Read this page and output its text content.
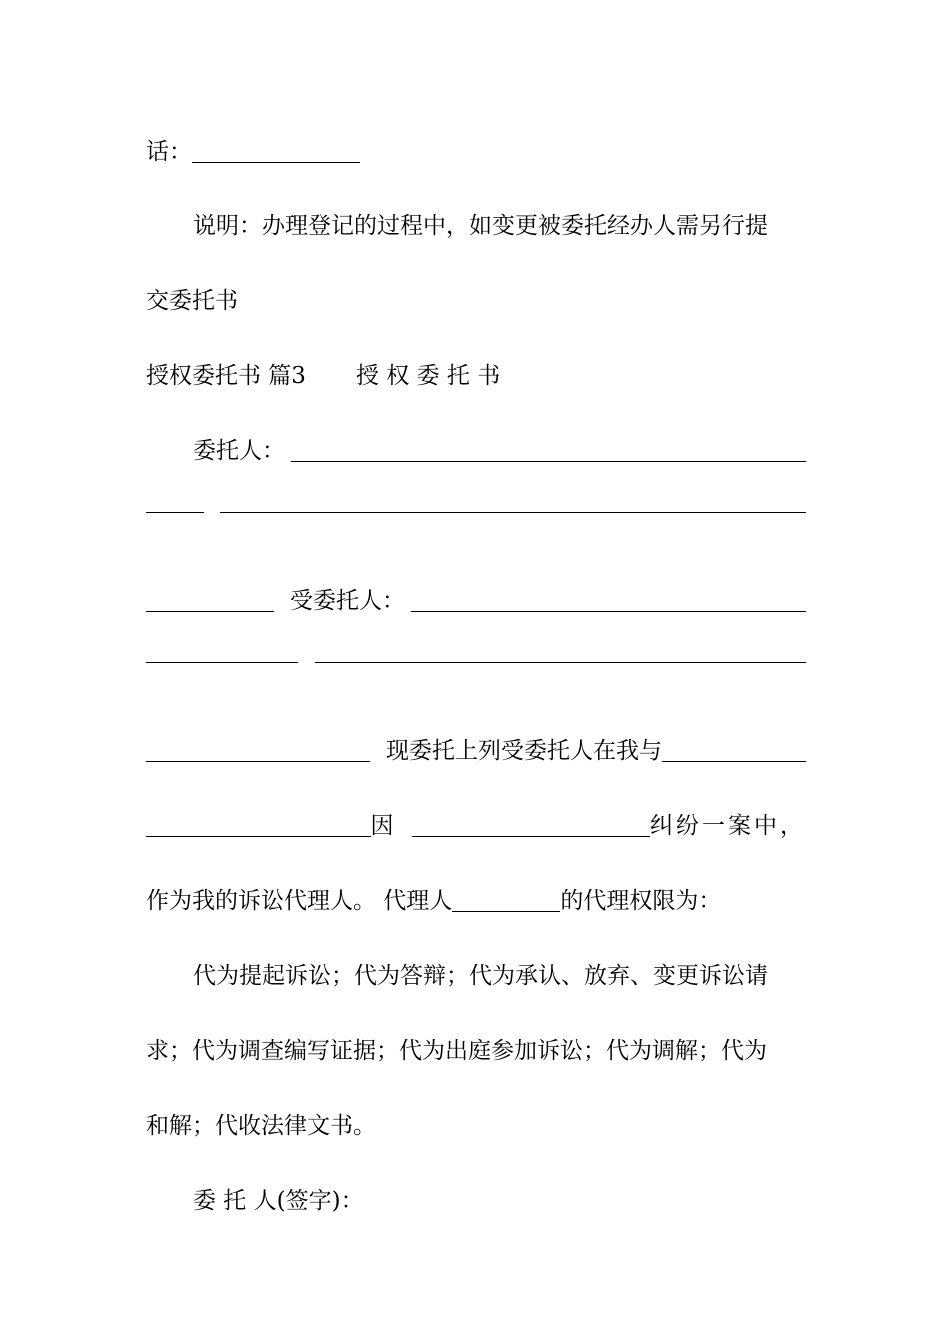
话：
说明：办理登记的过程中，如变更被委托经办人需另行提
交委托书
授权委托书 篇3 授 权 委 托 书
委托人：
受委托人：
现委托上列受委托人在我与
因	纠纷一案中，
作为我的诉讼代理人。 代理人	的代理权限为：
代为提起诉讼；代为答辩；代为承认、放弃、变更诉讼请
求；代为调查编写证据；代为出庭参加诉讼；代为调解；代为
和解；代收法律文书。
委 托 人(签字)：
